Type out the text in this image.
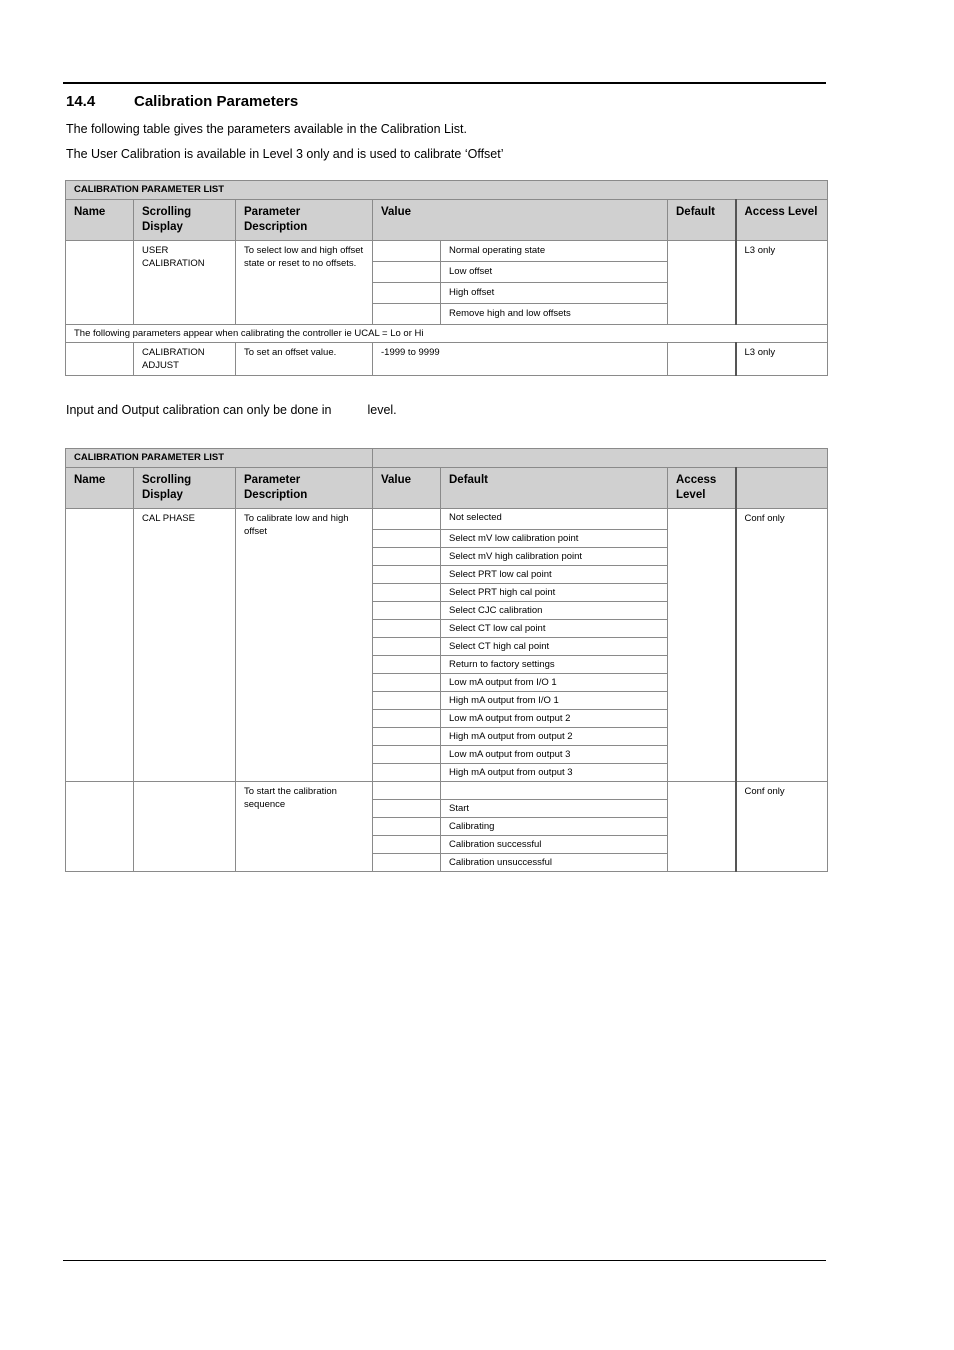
14.4	Calibration Parameters
The following table gives the parameters available in the Calibration List.
The User Calibration is available in Level 3 only and is used to calibrate ‘Offset’
CALIBRATION PARAMETER LIST						
Name	Scrolling Display	Parameter Description	Value		Default	Access Level
	USER CALIBRATION	To select low and high offset state or reset to no offsets.		Normal operating state		L3 only
				Low offset		
				High offset		
				Remove high and low offsets		
The following parameters appear when calibrating the controller ie UCAL = Lo or Hi						
	CALIBRATION ADJUST	To set an offset value.	-1999 to 9999			L3 only
Input and Output calibration can only be done in	level.
CALIBRATION PARAMETER LIST						
Name	Scrolling Display	Parameter Description	Value	Default	Access Level	
	CAL PHASE	To calibrate low and high offset		Not selected		Conf only
				Select mV low calibration point		
				Select mV high calibration point		
				Select PRT low cal point		
				Select PRT high cal point		
				Select CJC calibration		
				Select CT low cal point		
				Select CT high cal point		
				Return to factory settings		
				Low mA output from I/O 1		
				High mA output from I/O 1		
				Low mA output from output 2		
				High mA output from output 2		
				Low mA output from output 3		
				High mA output from output 3		
		To start the calibration sequence				Conf only
				Start		
				Calibrating		
				Calibration successful		
				Calibration unsuccessful		
